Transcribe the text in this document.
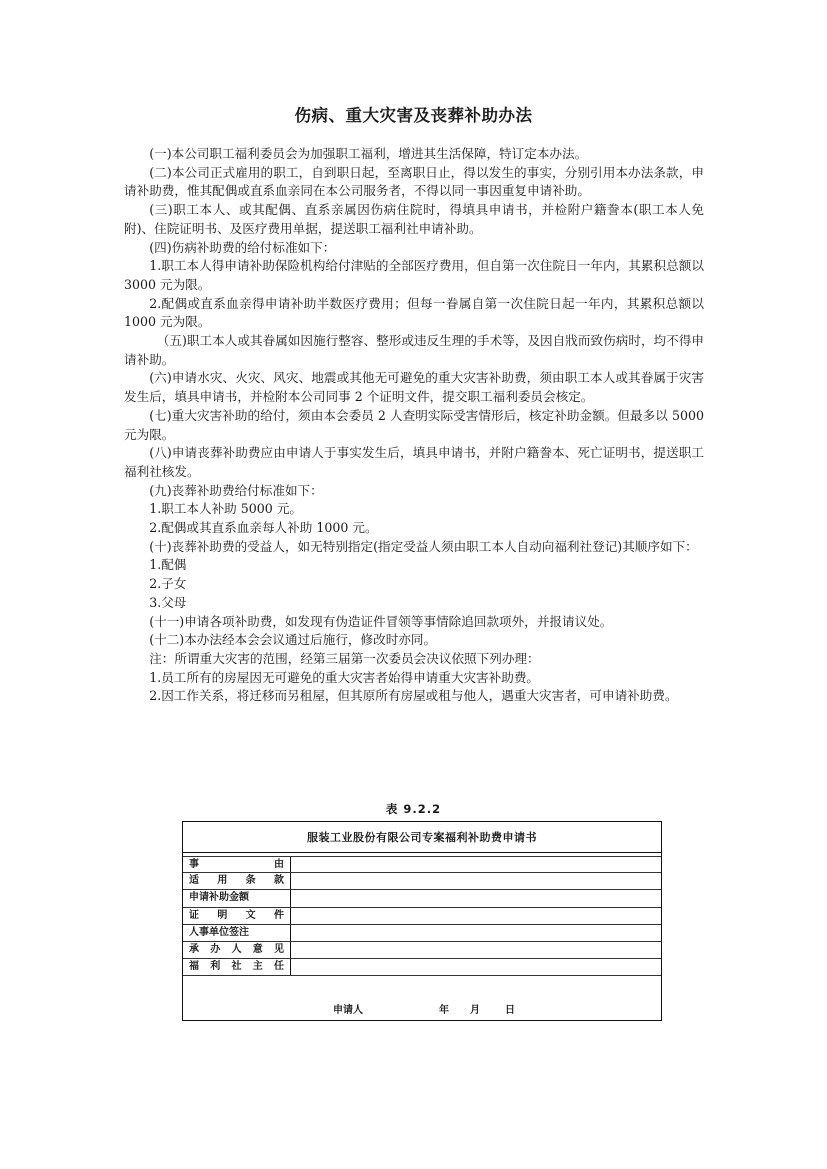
伤病、重大灾害及丧葬补助办法

(一)本公司职工福利委员会为加强职工福利，增进其生活保障，特订定本办法。

(二)本公司正式雇用的职工，自到职日起，至离职日止，得以发生的事实，分别引用本办法条款，申请补助费，惟其配偶或直系血亲同在本公司服务者，不得以同一事因重复申请补助。

(三)职工本人、或其配偶、直系亲属因伤病住院时，得填具申请书，并检附户籍誊本(职工本人免附)、住院证明书、及医疗费用单据，提送职工福利社申请补助。

(四)伤病补助费的给付标准如下：

1.职工本人得申请补助保险机构给付津贴的全部医疗费用，但自第一次住院日一年内，其累积总额以 3000 元为限。

2.配偶或直系血亲得申请补助半数医疗费用；但每一眷属自第一次住院日起一年内，其累积总额以 1000 元为限。

（五)职工本人或其眷属如因施行整容、整形或违反生理的手术等，及因自戕而致伤病时，均不得申请补助。

(六)申请水灾、火灾、风灾、地震或其他无可避免的重大灾害补助费，须由职工本人或其眷属于灾害发生后，填具申请书，并检附本公司同事 2 个证明文件，提交职工福利委员会核定。

(七)重大灾害补助的给付，须由本会委员 2 人查明实际受害情形后，核定补助金额。但最多以 5000 元为限。

(八)申请丧葬补助费应由申请人于事实发生后，填具申请书，并附户籍誊本、死亡证明书，提送职工福利社核发。

(九)丧葬补助费给付标准如下：

1.职工本人补助 5000 元。

2.配偶或其直系血亲每人补助 1000 元。

(十)丧葬补助费的受益人，如无特别指定(指定受益人须由职工本人自动向福利社登记)其顺序如下：

1.配偶

2.子女

3.父母

(十一)申请各项补助费，如发现有伪造证件冒领等事情除追回款项外，并报请议处。

(十二)本办法经本会会议通过后施行，修改时亦同。

注：所谓重大灾害的范围，经第三届第一次委员会决议依照下列办理：

1.员工所有的房屋因无可避免的重大灾害者始得申请重大灾害补助费。

2.因工作关系，将迁移而另租屋，但其原所有房屋或租与他人，遇重大灾害者，可申请补助费。

表 9.2.2
服装工业股份有限公司专案福利补助费申请书
事	由
适 用 条 款
申请补助金额
证 明 文 件
人事单位签注
承 办 人 意 见
福 利 社 主 任
申请人	年 月	日
